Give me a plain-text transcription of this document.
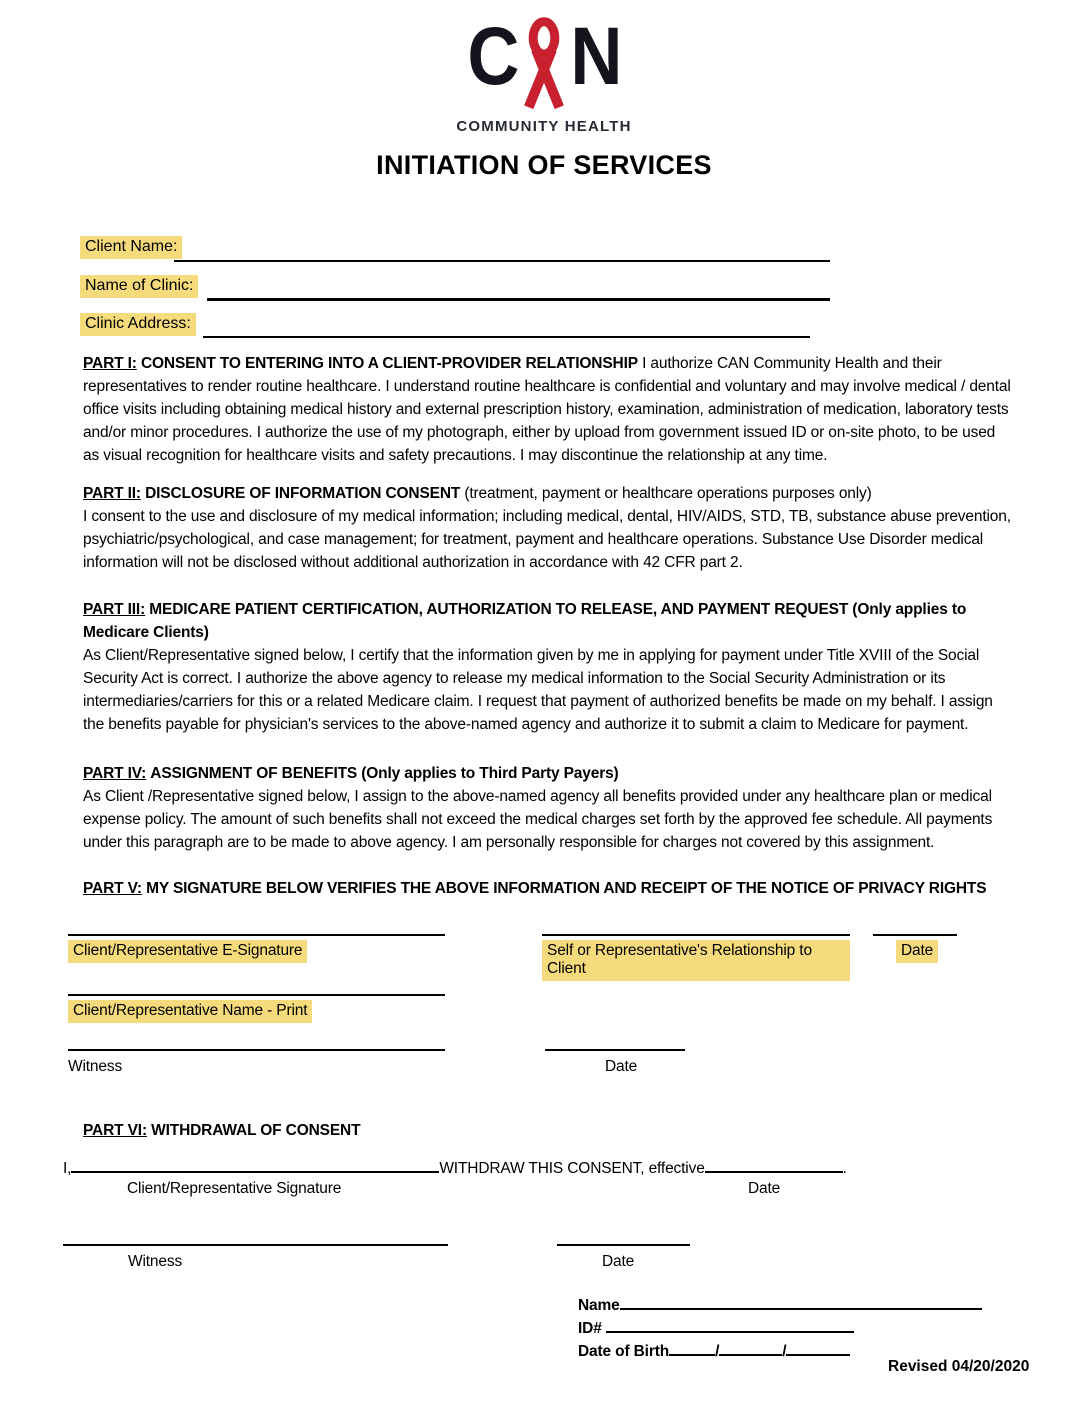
C N
COMMUNITY HEALTH
INITIATION OF SERVICES
Client Name:
Name of Clinic:
Clinic Address:
PART I: CONSENT TO ENTERING INTO A CLIENT-PROVIDER RELATIONSHIP I authorize CAN Community Health and their representatives to render routine healthcare. I understand routine healthcare is confidential and voluntary and may involve medical / dental office visits including obtaining medical history and external prescription history, examination, administration of medication, laboratory tests and/or minor procedures. I authorize the use of my photograph, either by upload from government issued ID or on-site photo, to be used as visual recognition for healthcare visits and safety precautions. I may discontinue the relationship at any time.
PART II: DISCLOSURE OF INFORMATION CONSENT (treatment, payment or healthcare operations purposes only)
I consent to the use and disclosure of my medical information; including medical, dental, HIV/AIDS, STD, TB, substance abuse prevention, psychiatric/psychological, and case management; for treatment, payment and healthcare operations. Substance Use Disorder medical information will not be disclosed without additional authorization in accordance with 42 CFR part 2.
PART III: MEDICARE PATIENT CERTIFICATION, AUTHORIZATION TO RELEASE, AND PAYMENT REQUEST (Only applies to Medicare Clients)
As Client/Representative signed below, I certify that the information given by me in applying for payment under Title XVIII of the Social Security Act is correct. I authorize the above agency to release my medical information to the Social Security Administration or its intermediaries/carriers for this or a related Medicare claim. I request that payment of authorized benefits be made on my behalf. I assign the benefits payable for physician's services to the above-named agency and authorize it to submit a claim to Medicare for payment.
PART IV: ASSIGNMENT OF BENEFITS (Only applies to Third Party Payers)
As Client /Representative signed below, I assign to the above-named agency all benefits provided under any healthcare plan or medical expense policy. The amount of such benefits shall not exceed the medical charges set forth by the approved fee schedule. All payments under this paragraph are to be made to above agency. I am personally responsible for charges not covered by this assignment.
PART V: MY SIGNATURE BELOW VERIFIES THE ABOVE INFORMATION AND RECEIPT OF THE NOTICE OF PRIVACY RIGHTS
Client/Representative E-Signature	Self or Representative's Relationship to Client
Date
Client/Representative Name - Print
Witness	Date
PART VI: WITHDRAWAL OF CONSENT
I,	WITHDRAW THIS CONSENT, effective	.
Client/Representative Signature	Date
Witness	Date
Name
ID#
Date of Birth	/	/
Revised 04/20/2020
